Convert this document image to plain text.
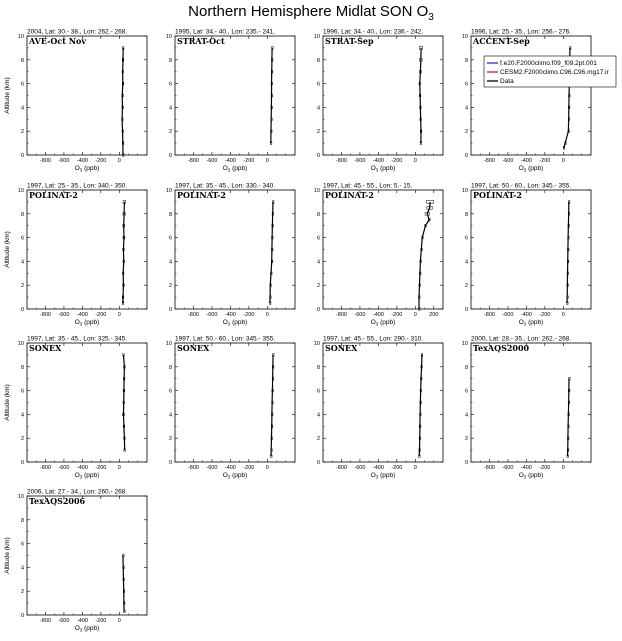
Northern Hemisphere Midlat SON $O_3$
2004, Lat: 30.- 38., Lon: 262.- 268.
AVE-Oct Nov
0
2
4
6
8
10
-800 -600 -400 -200 0
$O_3$ (ppb)
Altitude (km)
1995, Lat: 34.- 40., Lon: 235.- 241.
STRAT-Oct
0
2
4
6
8
10
-800 -600 -400 -200 0
$O_3$ (ppb)
1996, Lat: 34.- 40., Lon: 236.- 242.
STRAT-Sep
0
2
4
6
8
10
-800 -600 -400 -200 0
$O_3$ (ppb)
1996, Lat: 25.- 35., Lon: 256.- 276.
ACCENT-Sep
0
2
4
6
8
10
-800 -600 -400 -200 0
$O_3$ (ppb)
1997, Lat: 25.- 35., Lon: 340.- 350.
POLINAT-2
0
2
4
6
8
10
-800 -600 -400 -200 0
$O_3$ (ppb)
Altitude (km)
1997, Lat: 35.- 45., Lon: 330.- 340.
POLINAT-2
0
2
4
6
8
10
-800 -600 -400 -200 0
$O_3$ (ppb)
1997, Lat: 45.- 55., Lon: 5.- 15.
POLINAT-2
0
2
4
6
8
10
-800 -600 -400 -200 0 200
$O_3$ (ppb)
1997, Lat: 50.- 60., Lon: 345.- 355.
POLINAT-2
0
2
4
6
8
10
-800 -600 -400 -200 0
$O_3$ (ppb)
1997, Lat: 35.- 45., Lon: 325.- 345.
SONEX
0
2
4
6
8
10
-800 -600 -400 -200 0
$O_3$ (ppb)
Altitude (km)
1997, Lat: 50.- 60., Lon: 345.- 355.
SONEX
0
2
4
6
8
10
-800 -600 -400 -200 0
$O_3$ (ppb)
1997, Lat: 45.- 55., Lon: 290.- 310.
SONEX
0
2
4
6
8
10
-800 -600 -400 -200 0
$O_3$ (ppb)
2000, Lat: 28.- 35., Lon: 262.- 268.
TexAQS2000
0
2
4
6
8
10
-800 -600 -400 -200 0
$O_3$ (ppb)
2006, Lat: 27.- 34., Lon: 260.- 268.
TexAQS2006
0
2
4
6
8
10
-800 -600 -400 -200 0
$O_3$ (ppb)
Altitude (km)
f.e20.F2000climo.f09_f09.2pt.001
CESM2.F2000climo.C96.C96.mg17.ir
Data
